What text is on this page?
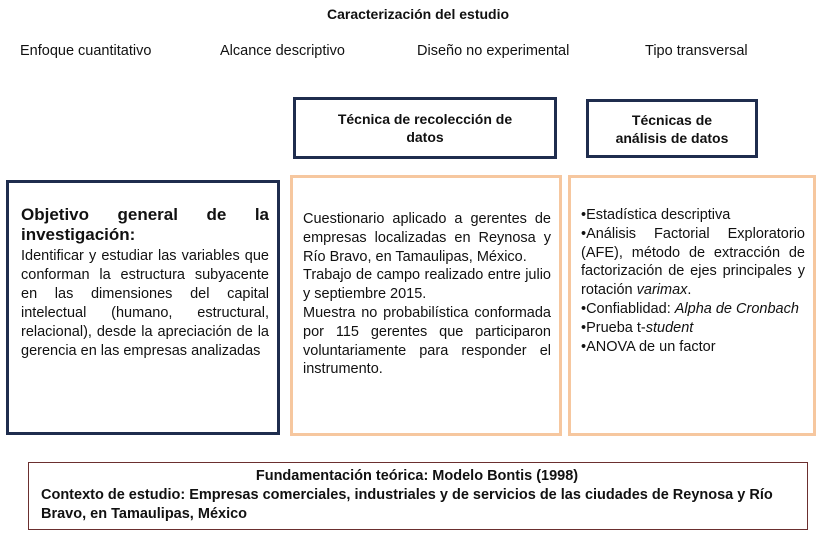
Caracterización del estudio
Enfoque cuantitativo	Alcance descriptivo	Diseño no experimental	Tipo transversal
Técnica de recolección de datos
Técnicas de análisis de datos
Objetivo general de la investigación:
Identificar y estudiar las variables que conforman la estructura subyacente en las dimensiones del capital intelectual (humano, estructural, relacional), desde la apreciación de la gerencia en las empresas analizadas
Cuestionario aplicado a gerentes de empresas localizadas en Reynosa y Río Bravo, en Tamaulipas, México.
Trabajo de campo realizado entre julio y septiembre 2015.
Muestra no probabilística conformada por 115 gerentes que participaron voluntariamente para responder el instrumento.
•Estadística descriptiva
•Análisis Factorial Exploratorio (AFE), método de extracción de factorización de ejes principales y rotación varimax.
•Confiablidad: Alpha de Cronbach
•Prueba t-student
•ANOVA de un factor
Fundamentación teórica: Modelo Bontis (1998)
Contexto de estudio: Empresas comerciales, industriales y de servicios de las ciudades de Reynosa y Río Bravo, en Tamaulipas, México
